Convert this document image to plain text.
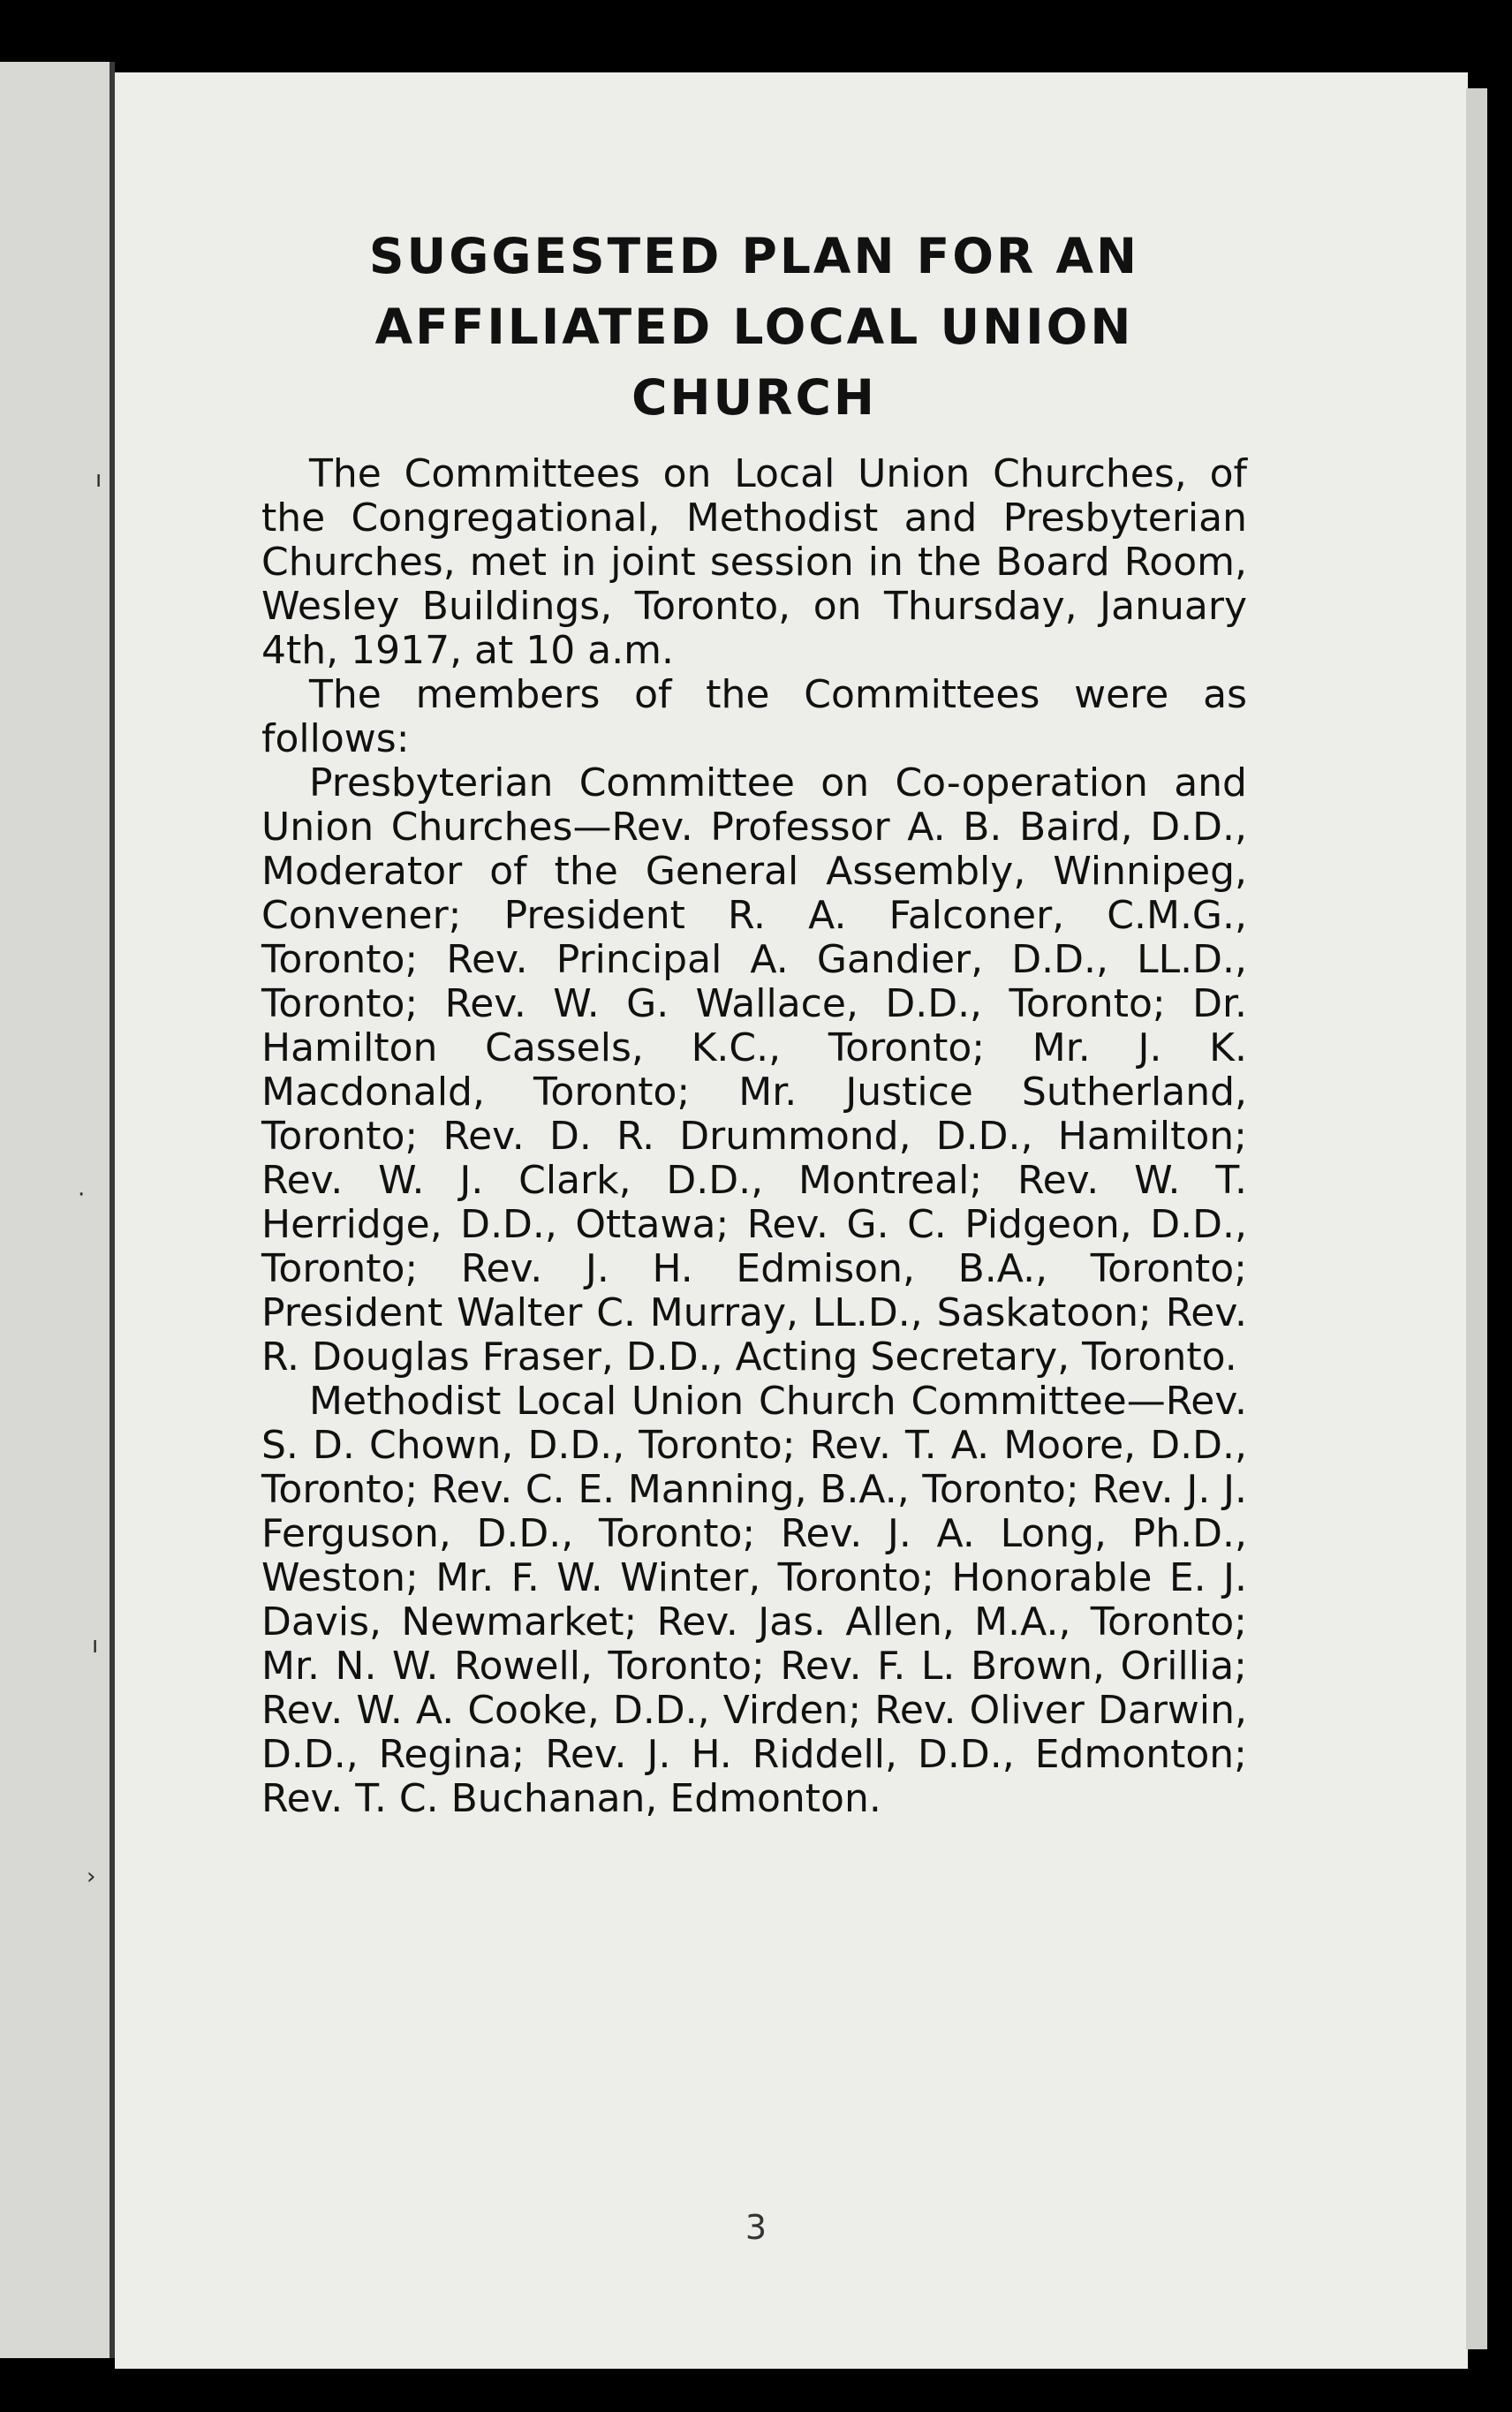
ı
·
ı
›
SUGGESTED PLAN FOR AN
AFFILIATED LOCAL UNION
CHURCH

The Committees on Local Union Churches, of the Congregational, Methodist and Presbyterian Churches, met in joint session in the Board Room, Wesley Buildings, Toronto, on Thursday, January 4th, 1917, at 10 a.m.

The members of the Committees were as follows:

Presbyterian Committee on Co-operation and Union Churches—Rev. Professor A. B. Baird, D.D., Moderator of the General Assembly, Winnipeg, Convener; President R. A. Falconer, C.M.G., Toronto; Rev. Principal A. Gandier, D.D., LL.D., Toronto; Rev. W. G. Wallace, D.D., Toronto; Dr. Hamilton Cassels, K.C., Toronto; Mr. J. K. Macdonald, Toronto; Mr. Justice Sutherland, Toronto; Rev. D. R. Drummond, D.D., Hamilton; Rev. W. J. Clark, D.D., Montreal; Rev. W. T. Herridge, D.D., Ottawa; Rev. G. C. Pidgeon, D.D., Toronto; Rev. J. H. Edmison, B.A., Toronto; President Walter C. Murray, LL.D., Saskatoon; Rev. R. Douglas Fraser, D.D., Acting Secretary, Toronto.

Methodist Local Union Church Committee—Rev. S. D. Chown, D.D., Toronto; Rev. T. A. Moore, D.D., Toronto; Rev. C. E. Manning, B.A., Toronto; Rev. J. J. Ferguson, D.D., Toronto; Rev. J. A. Long, Ph.D., Weston; Mr. F. W. Winter, Toronto; Honorable E. J. Davis, Newmarket; Rev. Jas. Allen, M.A., Toronto; Mr. N. W. Rowell, Toronto; Rev. F. L. Brown, Orillia; Rev. W. A. Cooke, D.D., Virden; Rev. Oliver Darwin, D.D., Regina; Rev. J. H. Riddell, D.D., Edmonton; Rev. T. C. Buchanan, Edmonton.

3
